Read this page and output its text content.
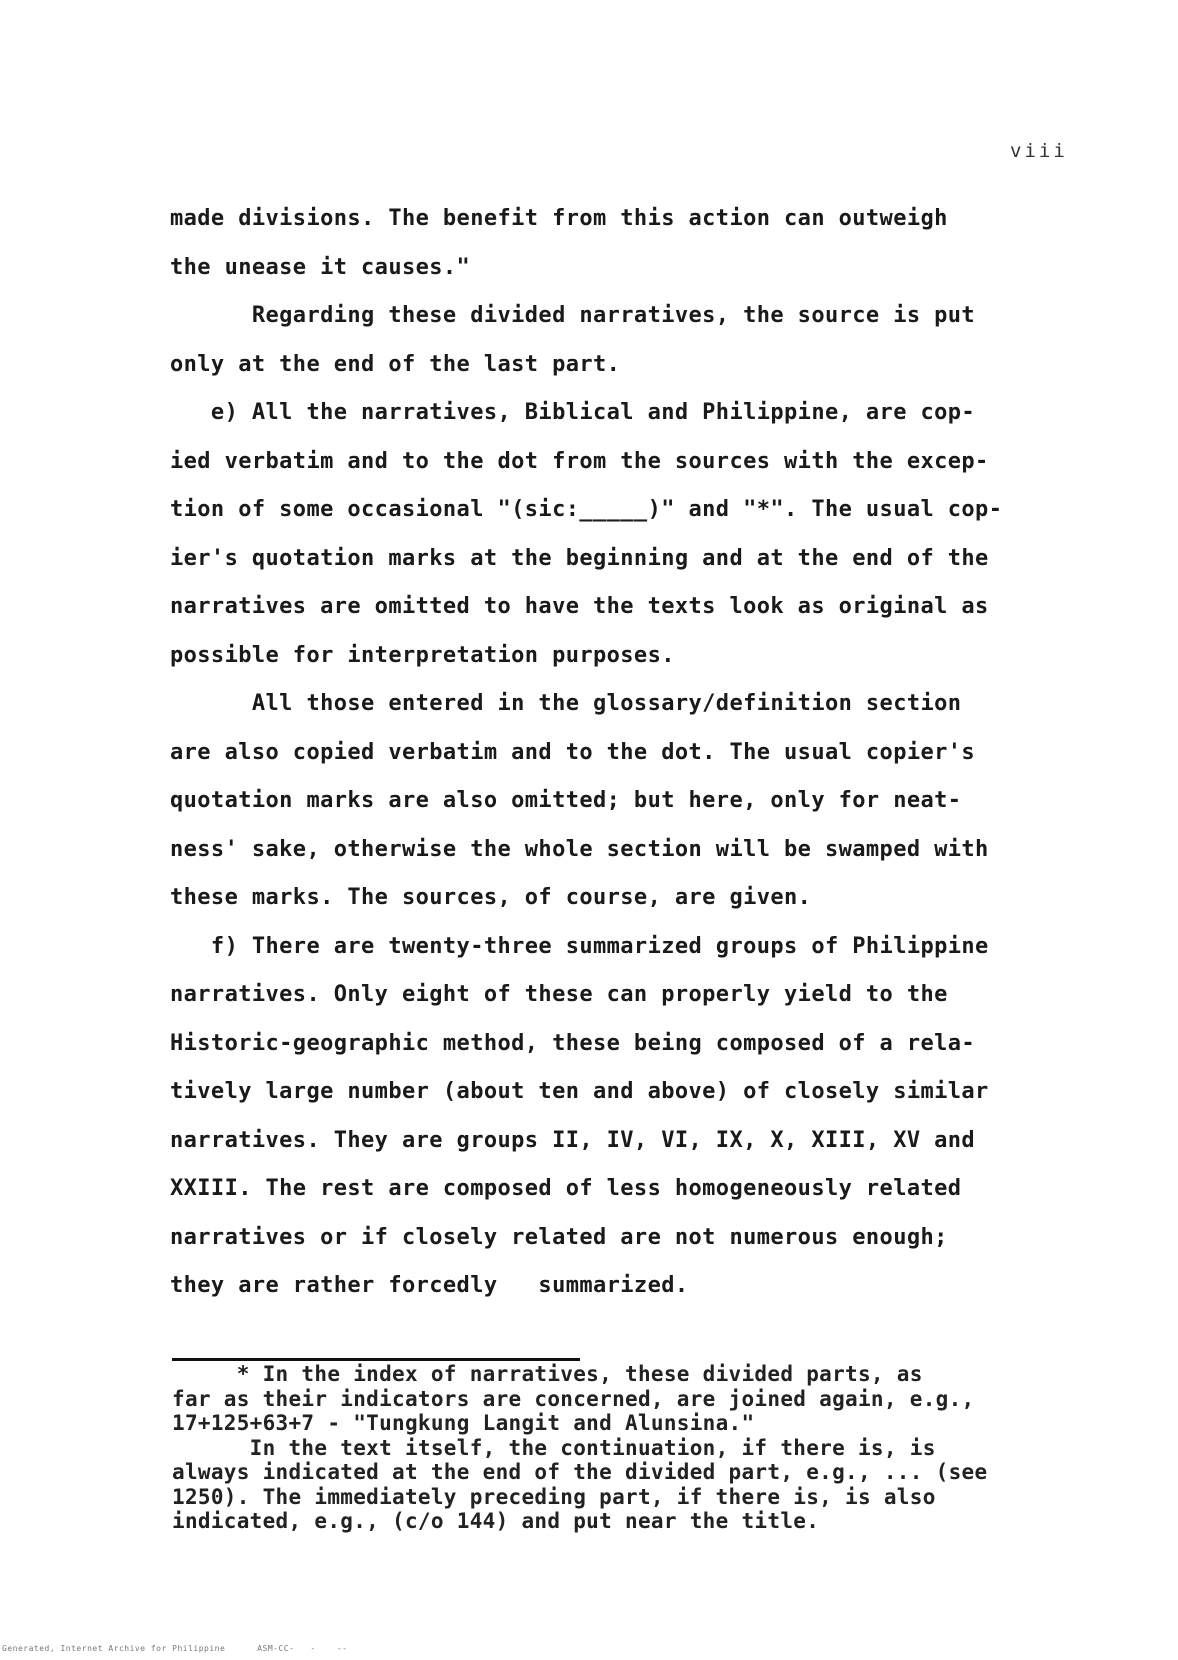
viii
made divisions. The benefit from this action can outweigh
the unease it causes."
Regarding these divided narratives, the source is put
only at the end of the last part.
e) All the narratives, Biblical and Philippine, are cop-
ied verbatim and to the dot from the sources with the excep-
tion of some occasional "(sic:_____)" and "*". The usual cop-
ier's quotation marks at the beginning and at the end of the
narratives are omitted to have the texts look as original as
possible for interpretation purposes.
All those entered in the glossary/definition section
are also copied verbatim and to the dot. The usual copier's
quotation marks are also omitted; but here, only for neat-
ness' sake, otherwise the whole section will be swamped with
these marks. The sources, of course, are given.
f) There are twenty-three summarized groups of Philippine
narratives. Only eight of these can properly yield to the
Historic-geographic method, these being composed of a rela-
tively large number (about ten and above) of closely similar
narratives. They are groups II, IV, VI, IX, X, XIII, XV and
XXIII. The rest are composed of less homogeneously related
narratives or if closely related are not numerous enough;
they are rather forcedly   summarized.
* In the index of narratives, these divided parts, as
far as their indicators are concerned, are joined again, e.g.,
17+125+63+7 - "Tungkung Langit and Alunsina."
In the text itself, the continuation, if there is, is
always indicated at the end of the divided part, e.g., ... (see
1250). The immediately preceding part, if there is, is also
indicated, e.g., (c/o 144) and put near the title.
Generated, Internet Archive for Philippine      ASM-CC-   -    --
